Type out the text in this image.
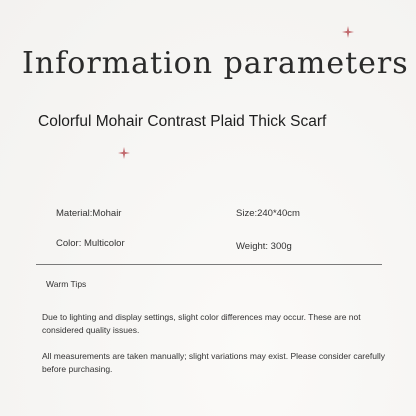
Information parameters
Colorful Mohair Contrast Plaid Thick Scarf
Material:Mohair	Size:240*40cm
Color: Multicolor	Weight: 300g
Warm Tips
Due to lighting and display settings, slight color differences may occur. These are not considered quality issues.
All measurements are taken manually; slight variations may exist. Please consider carefully before purchasing.
